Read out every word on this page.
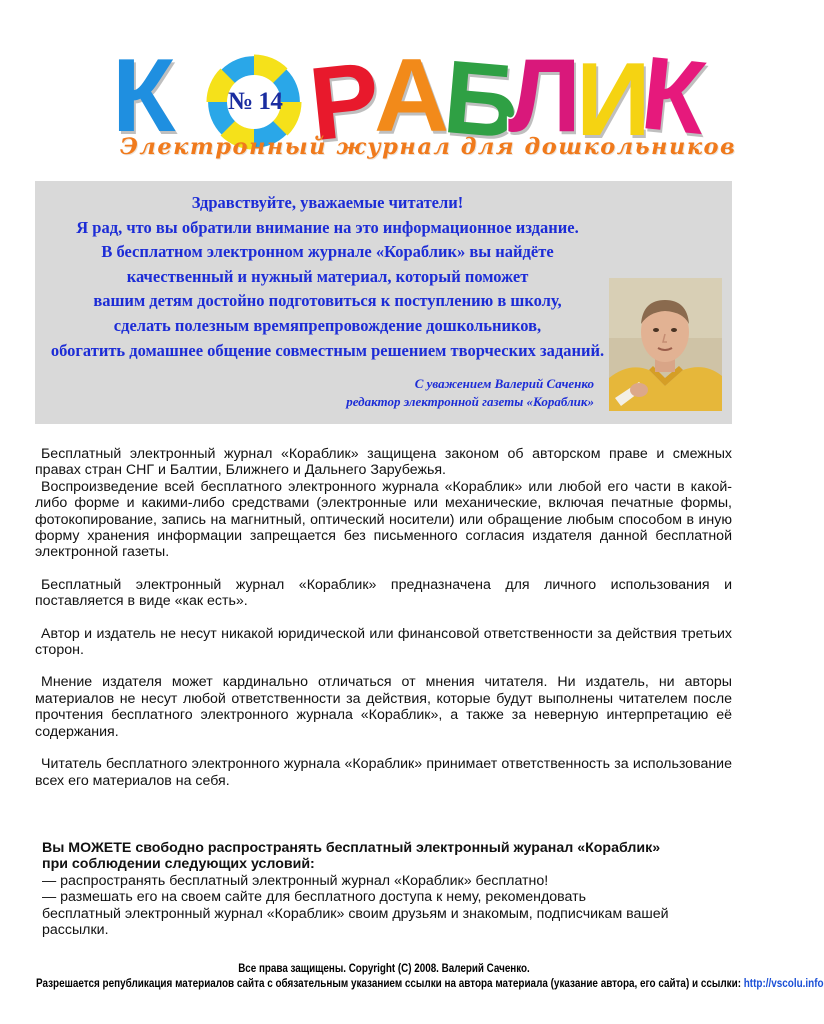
К № 14 Р
А
Б
Л
И
К
Электронный журнал для дошкольников
Здравствуйте, уважаемые читатели!
Я рад, что вы обратили внимание на это информационное издание.
В бесплатном электронном журнале «Кораблик» вы найдёте
качественный и нужный материал, который поможет
вашим детям достойно подготовиться к поступлению в школу,
сделать полезным времяпрепровождение дошкольников,
обогатить домашнее общение совместным решением творческих заданий.
С уважением Валерий Саченко
редактор электронной газеты «Кораблик»

Бесплатный электронный журнал «Кораблик» защищена законом об авторском праве и смежных правах стран СНГ и Балтии, Ближнего и Дальнего Зарубежья.

Воспроизведение всей бесплатного электронного журнала «Кораблик» или любой его части в какой-либо форме и какими-либо средствами (электронные или механические, включая печатные формы, фотокопирование, запись на магнитный, оптический носители) или обращение любым способом в иную форму хранения информации запрещается без письменного согласия издателя данной бесплатной электронной газеты.

Бесплатный электронный журнал «Кораблик» предназначена для личного использования и поставляется в виде «как есть».

Автор и издатель не несут никакой юридической или финансовой ответственности за действия третьих сторон.

Мнение издателя может кардинально отличаться от мнения читателя. Ни издатель, ни авторы материалов не несут любой ответственности за действия, которые будут выполнены читателем после прочтения бесплатного электронного журнала «Кораблик», а также за неверную интерпретацию её содержания.

Читатель бесплатного электронного журнала «Кораблик» принимает ответственность за использование всех его материалов на себя.

Вы МОЖЕТЕ свободно распространять бесплатный электронный журанал «Кораблик»
при соблюдении следующих условий:
— распространять бесплатный электронный журнал «Кораблик» бесплатно!
— размешать его на своем сайте для бесплатного доступа к нему, рекомендовать
бесплатный электронный журнал «Кораблик» своим друзьям и знакомым, подписчикам вашей
рассылки.
Все права защищены. Copyright (C) 2008. Валерий Саченко.
Разрешается републикация материалов сайта с обязательным указанием ссылки на автора материала (указание автора, его сайта) и ссылки: http://vscolu.info
